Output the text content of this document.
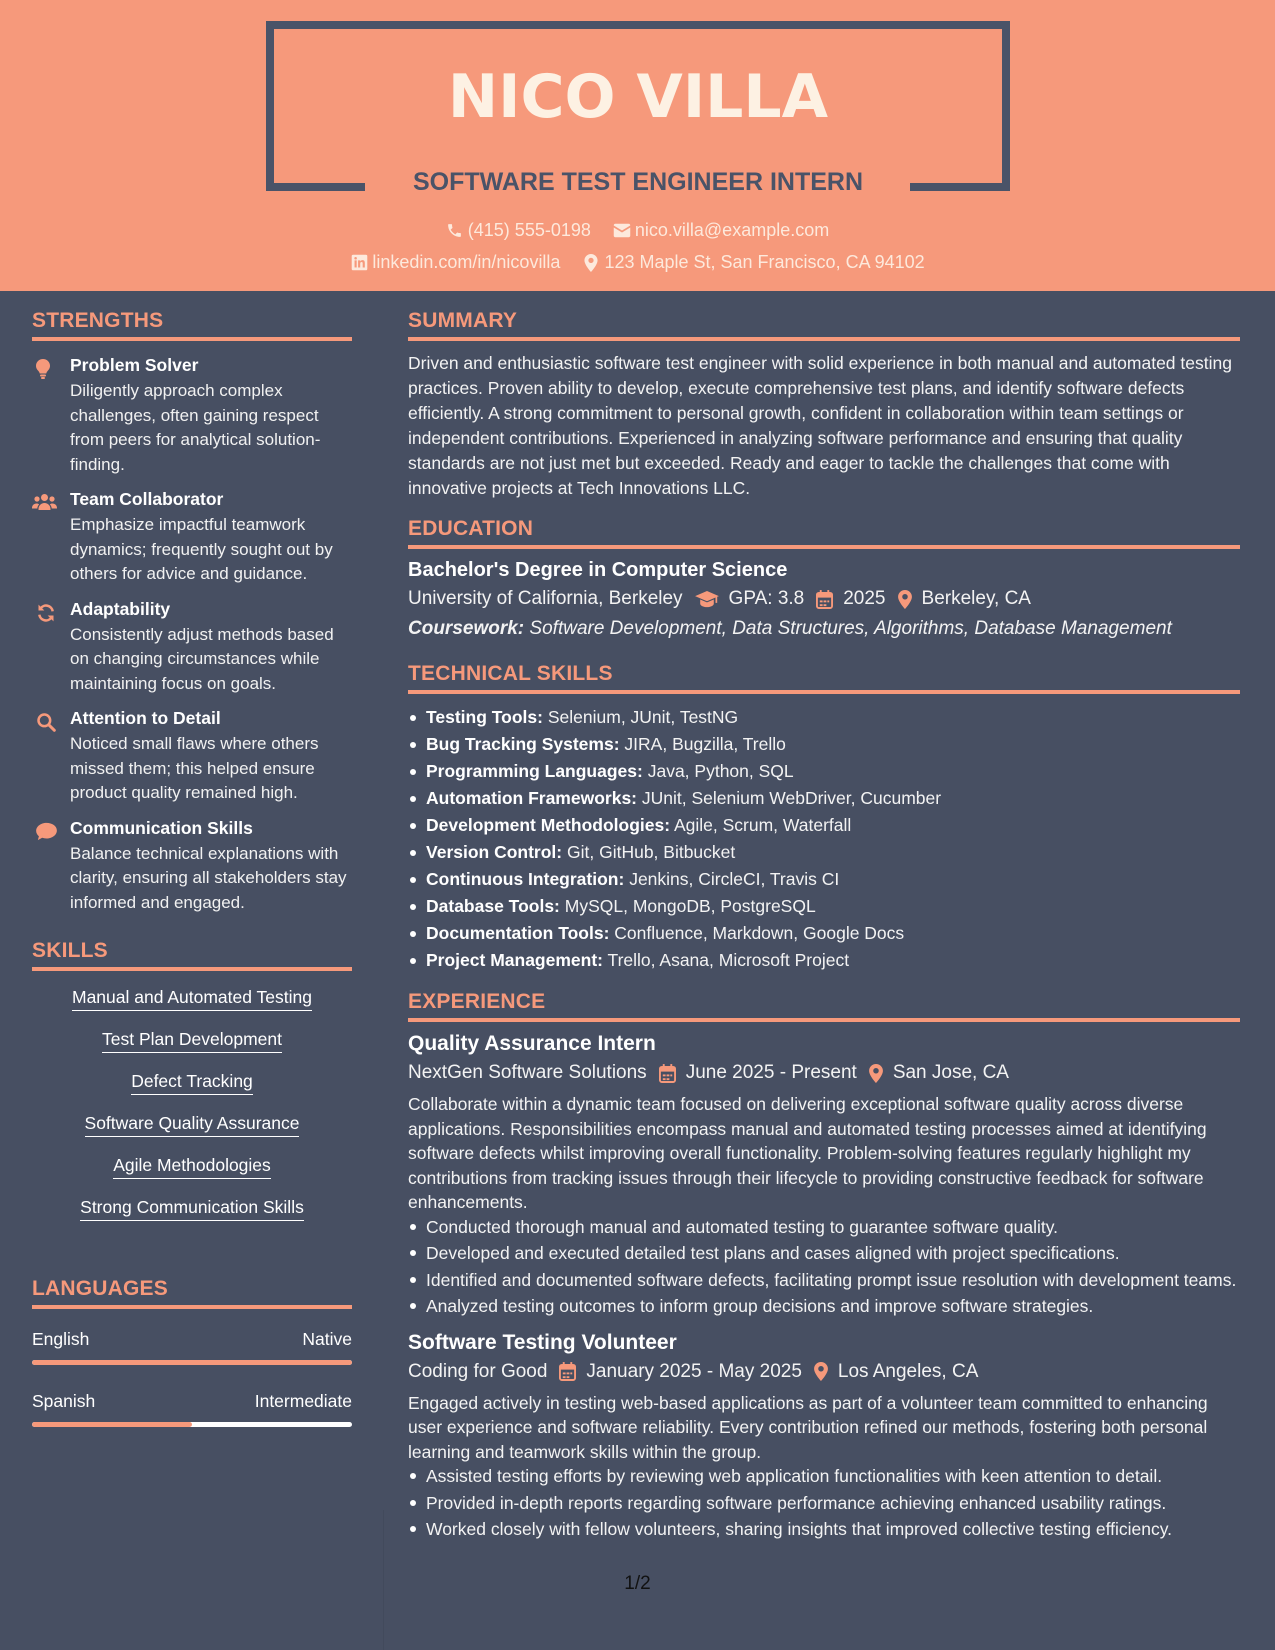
NICO VILLA
SOFTWARE TEST ENGINEER INTERN
(415) 555-0198 nico.villa@example.com
linkedin.com/in/nicovilla 123 Maple St, San Francisco, CA 94102
STRENGTHS
Problem Solver
Diligently approach complex challenges, often gaining respect from peers for analytical solution-finding.
Team Collaborator
Emphasize impactful teamwork dynamics; frequently sought out by others for advice and guidance.
Adaptability
Consistently adjust methods based on changing circumstances while maintaining focus on goals.
Attention to Detail
Noticed small flaws where others missed them; this helped ensure product quality remained high.
Communication Skills
Balance technical explanations with clarity, ensuring all stakeholders stay informed and engaged.
SKILLS
Manual and Automated Testing
Test Plan Development
Defect Tracking
Software Quality Assurance
Agile Methodologies
Strong Communication Skills
LANGUAGES
English	Native
Spanish	Intermediate
SUMMARY
Driven and enthusiastic software test engineer with solid experience in both manual and automated testing practices. Proven ability to develop, execute comprehensive test plans, and identify software defects efficiently. A strong commitment to personal growth, confident in collaboration within team settings or independent contributions. Experienced in analyzing software performance and ensuring that quality standards are not just met but exceeded. Ready and eager to tackle the challenges that come with innovative projects at Tech Innovations LLC.
EDUCATION
Bachelor's Degree in Computer Science
University of California, Berkeley GPA: 3.8 2025 Berkeley, CA
Coursework: Software Development, Data Structures, Algorithms, Database Management
TECHNICAL SKILLS
Testing Tools: Selenium, JUnit, TestNG
Bug Tracking Systems: JIRA, Bugzilla, Trello
Programming Languages: Java, Python, SQL
Automation Frameworks: JUnit, Selenium WebDriver, Cucumber
Development Methodologies: Agile, Scrum, Waterfall
Version Control: Git, GitHub, Bitbucket
Continuous Integration: Jenkins, CircleCI, Travis CI
Database Tools: MySQL, MongoDB, PostgreSQL
Documentation Tools: Confluence, Markdown, Google Docs
Project Management: Trello, Asana, Microsoft Project
EXPERIENCE
Quality Assurance Intern
NextGen Software Solutions June 2025 - Present San Jose, CA
Collaborate within a dynamic team focused on delivering exceptional software quality across diverse applications. Responsibilities encompass manual and automated testing processes aimed at identifying software defects whilst improving overall functionality. Problem-solving features regularly highlight my contributions from tracking issues through their lifecycle to providing constructive feedback for software enhancements.
Conducted thorough manual and automated testing to guarantee software quality.
Developed and executed detailed test plans and cases aligned with project specifications.
Identified and documented software defects, facilitating prompt issue resolution with development teams.
Analyzed testing outcomes to inform group decisions and improve software strategies.
Software Testing Volunteer
Coding for Good January 2025 - May 2025 Los Angeles, CA
Engaged actively in testing web-based applications as part of a volunteer team committed to enhancing user experience and software reliability. Every contribution refined our methods, fostering both personal learning and teamwork skills within the group.
Assisted testing efforts by reviewing web application functionalities with keen attention to detail.
Provided in-depth reports regarding software performance achieving enhanced usability ratings.
Worked closely with fellow volunteers, sharing insights that improved collective testing efficiency.
1/2
